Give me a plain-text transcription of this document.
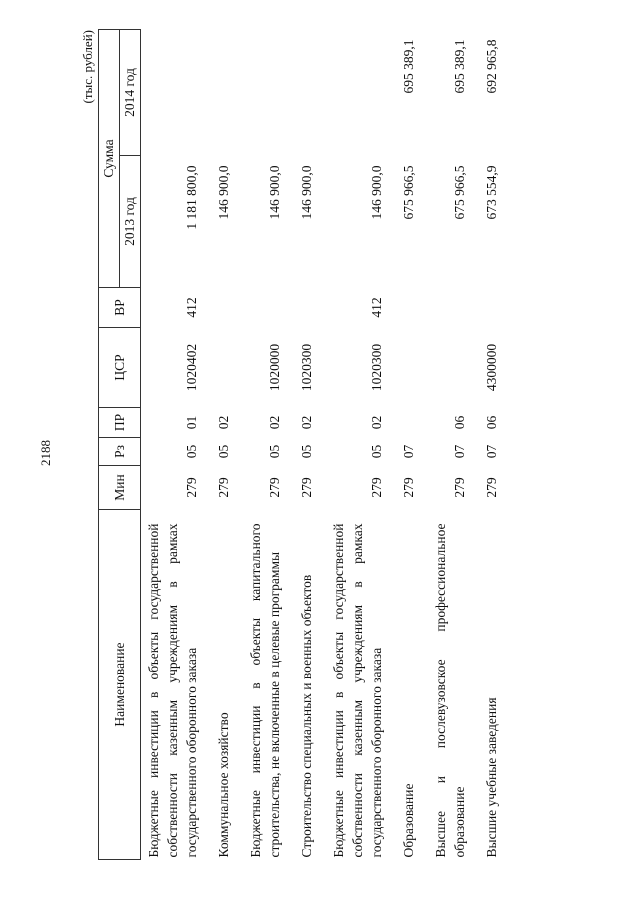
2188
(тыс. рублей)
Наименование	Мин	Рз	ПР	ЦСР	ВР	Сумма	
						2013 год	2014 год
Бюджетные инвестиции в объекты государственной собственности казенным учреждениям в рамках государственного оборонного заказа	279	05	01	1020402	412	1 181 800,0	
Коммунальное хозяйство	279	05	02			146 900,0	
Бюджетные инвестиции в объекты капитального строительства, не включенные в целевые программы	279	05	02	1020000		146 900,0	
Строительство специальных и военных объектов	279	05	02	1020300		146 900,0	
Бюджетные инвестиции в объекты государственной собственности казенным учреждениям в рамках государственного оборонного заказа	279	05	02	1020300	412	146 900,0	
Образование	279	07				675 966,5	695 389,1
Высшее и послевузовское профессиональное образование	279	07	06			675 966,5	695 389,1
Высшие учебные заведения	279	07	06	4300000		673 554,9	692 965,8
